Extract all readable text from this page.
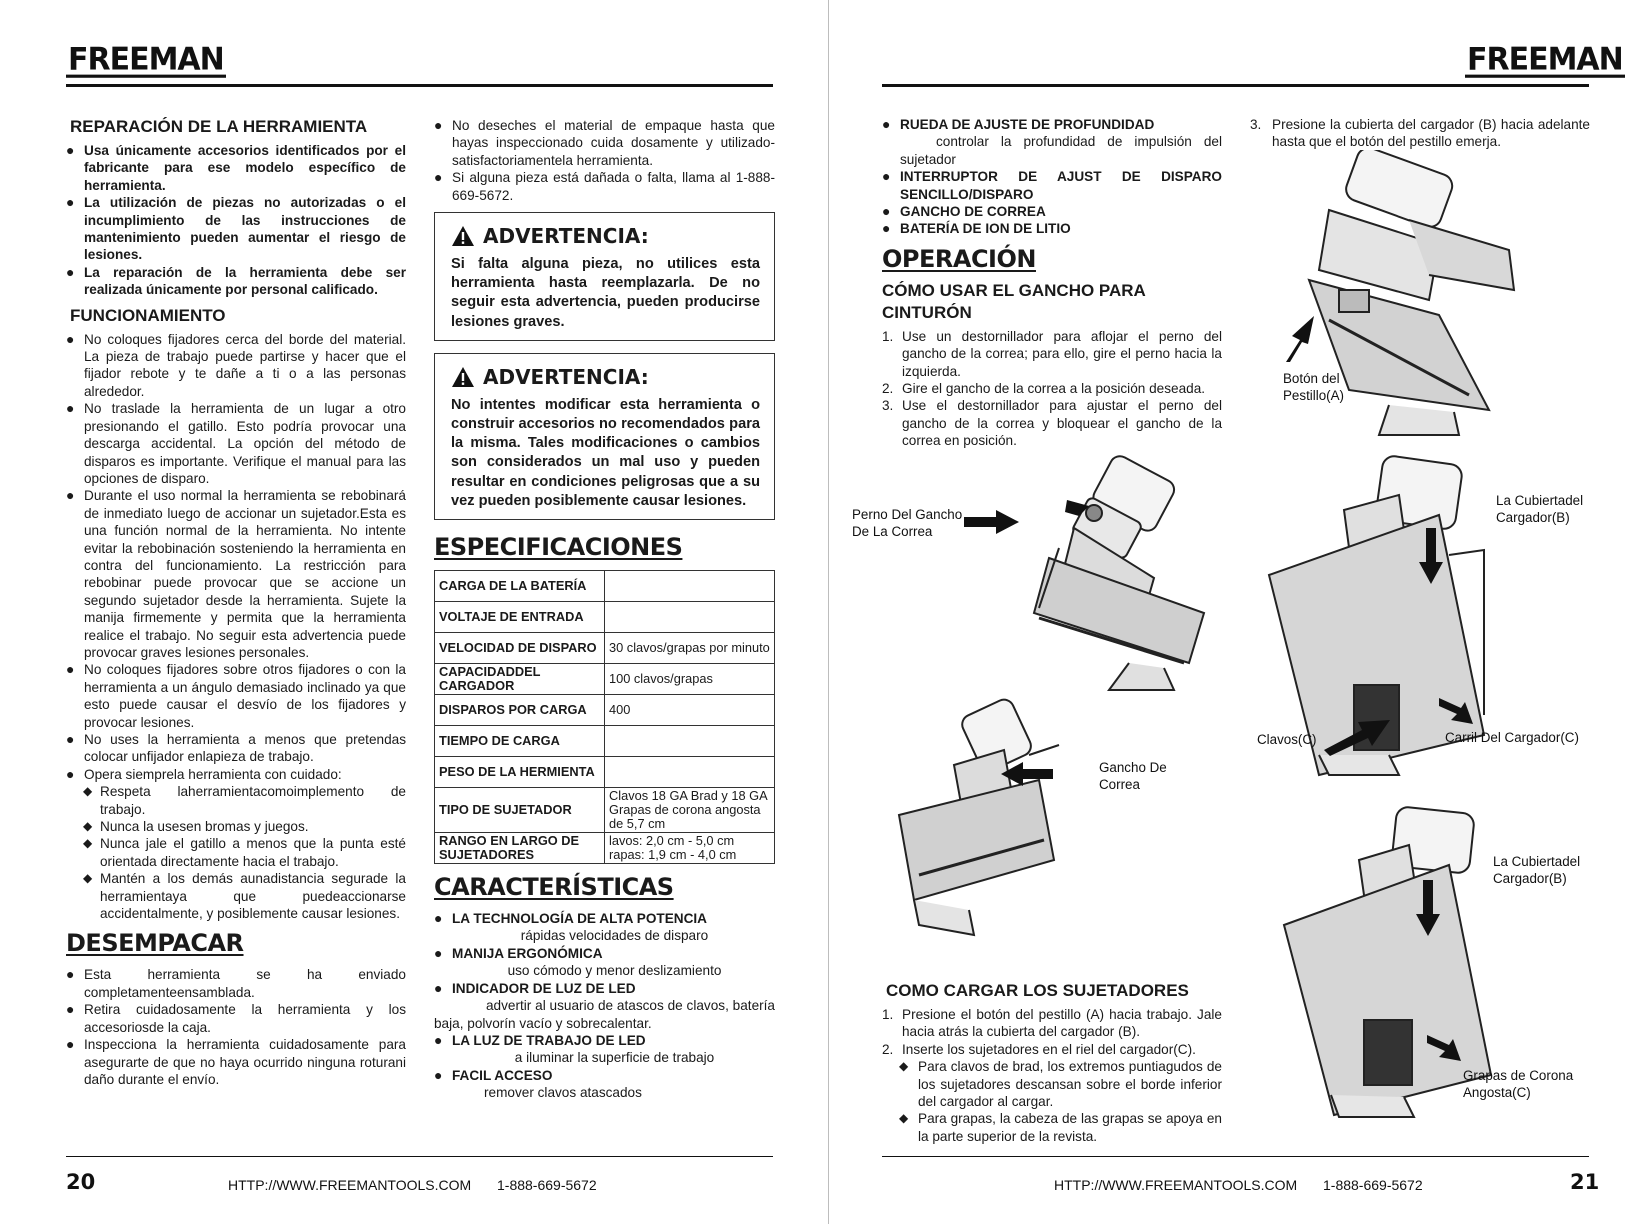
FREEMAN
REPARACIÓN DE LA HERRAMIENTA
● Usa únicamente accesorios identificados por el fabricante para ese modelo específico de herramienta.
● La utilización de piezas no autorizadas o el incumplimiento de las instrucciones de mantenimiento pueden aumentar el riesgo de lesiones.
● La reparación de la herramienta debe ser realizada únicamente por personal calificado.
FUNCIONAMIENTO
● No coloques fijadores cerca del borde del material. La pieza de trabajo puede partirse y hacer que el fijador rebote y te dañe a ti o a las personas alrededor.
● No traslade la herramienta de un lugar a otro presionando el gatillo. Esto podría provocar una descarga accidental. La opción del método de disparos es importante. Verifique el manual para las opciones de disparo.
● Durante el uso normal la herramienta se rebobinará de inmediato luego de accionar un sujetador.Esta es una función normal de la herramienta. No intente evitar la rebobinación sosteniendo la herramienta en contra del funcionamiento. La restricción para rebobinar puede provocar que se accione un segundo sujetador desde la herramienta. Sujete la manija firmemente y permita que la herramienta realice el trabajo. No seguir esta advertencia puede provocar graves lesiones personales.
● No coloques fijadores sobre otros fijadores o con la herramienta a un ángulo demasiado inclinado ya que esto puede causar el desvío de los fijadores y provocar lesiones.
● No uses la herramienta a menos que pretendas colocar unfijador enlapieza de trabajo.
● Opera siemprela herramienta con cuidado:
◆ Respeta laherramientacomoimplemento de trabajo.
◆ Nunca la usesen bromas y juegos.
◆ Nunca jale el gatillo a menos que la punta esté orientada directamente hacia el trabajo.
◆ Mantén a los demás aunadistancia segurade la herramientaya que puedeaccionarse accidentalmente, y posiblemente causar lesiones.
DESEMPACAR
● Esta herramienta se ha enviado completamenteensamblada.
● Retira cuidadosamente la herramienta y los accesoriosde la caja.
● Inspecciona la herramienta cuidadosamente para asegurarte de que no haya ocurrido ninguna roturani daño durante el envío.
● No deseches el material de empaque hasta que hayas inspeccionado cuida dosamente y utilizado-satisfactoriamentela herramienta.
● Si alguna pieza está dañada o falta, llama al 1-888-669-5672.
ADVERTENCIA:
Si falta alguna pieza, no utilices esta herramienta hasta reemplazarla. De no seguir esta advertencia, pueden producirse lesiones graves.
ADVERTENCIA:
No intentes modificar esta herramienta o construir accesorios no recomendados para la misma. Tales modificaciones o cambios son considerados un mal uso y pueden resultar en condiciones peligrosas que a su vez pueden posiblemente causar lesiones.
ESPECIFICACIONES
CARGA DE LA BATERÍA	
VOLTAJE DE ENTRADA	
VELOCIDAD DE DISPARO	30 clavos/grapas por minuto
CAPACIDADDEL CARGADOR	100 clavos/grapas
DISPAROS POR CARGA	400
TIEMPO DE CARGA	
PESO DE LA HERMIENTA	
TIPO DE SUJETADOR	Clavos 18 GA Brad y 18 GA Grapas de corona angosta de 5,7 cm
RANGO EN LARGO DE SUJETADORES	lavos: 2,0 cm - 5,0 cm rapas: 1,9 cm - 4,0 cm
CARACTERÍSTICAS
● LA TECHNOLOGÍA DE ALTA POTENCIA
rápidas velocidades de disparo
● MANIJA ERGONÓMICA
uso cómodo y menor deslizamiento
● INDICADOR DE LUZ DE LED
advertir al usuario de atascos de clavos, batería baja, polvorín vacío y sobrecalentar.
● LA LUZ DE TRABAJO DE LED
a iluminar la superficie de trabajo
● FACIL ACCESO
remover clavos atascados
20	HTTP://WWW.FREEMANTOOLS.COM 1-888-669-5672
FREEMAN
● RUEDA DE AJUSTE DE PROFUNDIDAD
controlar la profundidad de impulsión del sujetador
● INTERRUPTOR DE AJUST DE DISPARO SENCILLO/DISPARO
● GANCHO DE CORREA
● BATERÍA DE ION DE LITIO
OPERACIÓN
CÓMO USAR EL GANCHO PARA CINTURÓN
1. Use un destornillador para aflojar el perno del gancho de la correa; para ello, gire el perno hacia la izquierda.
2. Gire el gancho de la correa a la posición deseada.
3. Use el destornillador para ajustar el perno del gancho de la correa y bloquear el gancho de la correa en posición.
COMO CARGAR LOS SUJETADORES
1. Presione el botón del pestillo (A) hacia trabajo. Jale hacia atrás la cubierta del cargador (B).
2. Inserte los sujetadores en el riel del cargador(C).
◆ Para clavos de brad, los extremos puntiagudos de los sujetadores descansan sobre el borde inferior del cargador al cargar.
◆ Para grapas, la cabeza de las grapas se apoya en la parte superior de la revista.
3. Presione la cubierta del cargador (B) hacia adelante hasta que el botón del pestillo emerja.
Perno Del Gancho De La Correa
Gancho De Correa
Botón del Pestillo(A)
La Cubiertadel Cargador(B)
Clavos(C)	Carril Del Cargador(C)
La Cubiertadel Cargador(B)
Grapas de Corona Angosta(C)
HTTP://WWW.FREEMANTOOLS.COM 1-888-669-5672	21
